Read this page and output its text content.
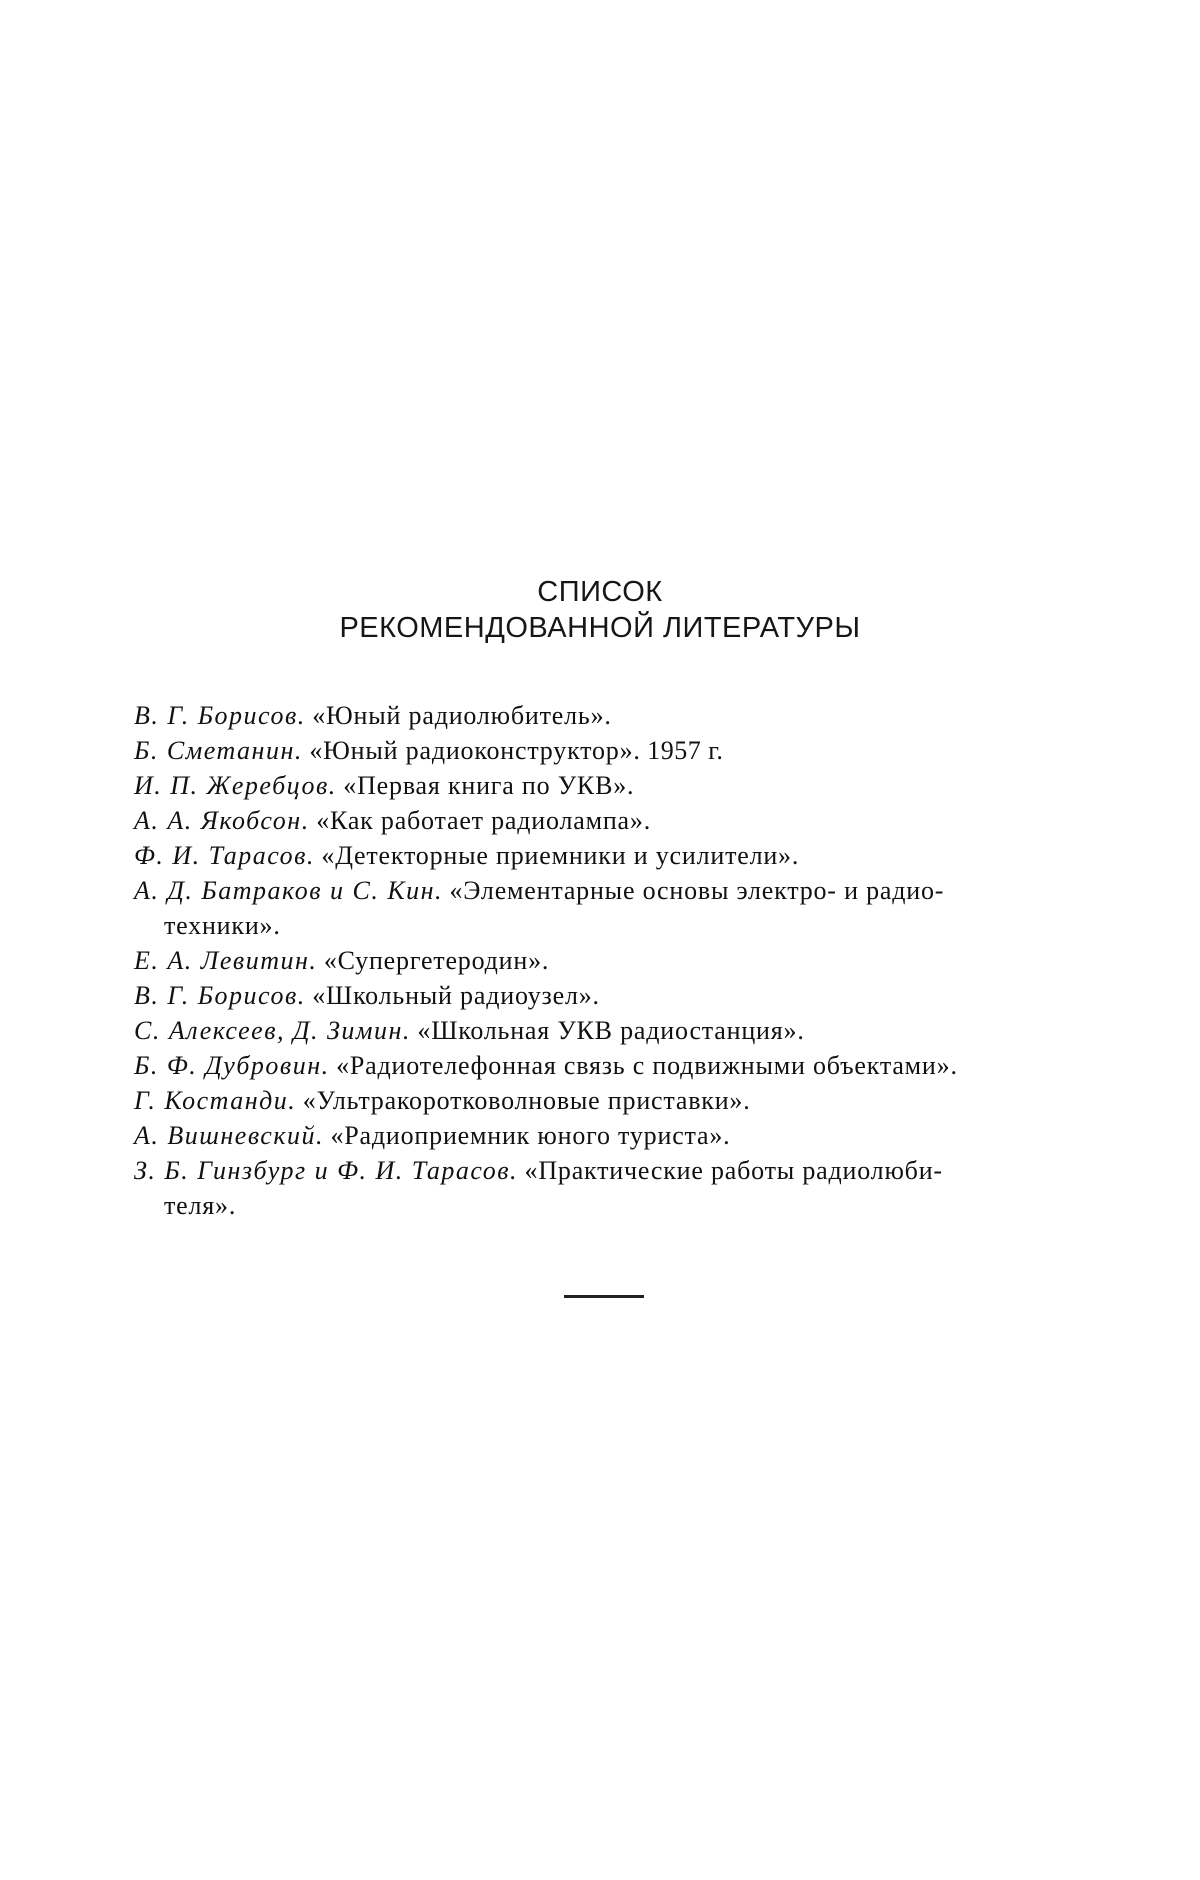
СПИСОК
РЕКОМЕНДОВАННОЙ ЛИТЕРАТУРЫ
В. Г. Борисов. «Юный радиолюбитель».
Б. Сметанин. «Юный радиоконструктор». 1957 г.
И. П. Жеребцов. «Первая книга по УКВ».
А. А. Якобсон. «Как работает радиолампа».
Ф. И. Тарасов. «Детекторные приемники и усилители».
А. Д. Батраков и С. Кин. «Элементарные основы электро- и радио-
техники».
Е. А. Левитин. «Супергетеродин».
В. Г. Борисов. «Школьный радиоузел».
С. Алексеев, Д. Зимин. «Школьная УКВ радиостанция».
Б. Ф. Дубровин. «Радиотелефонная связь с подвижными объектами».
Г. Костанди. «Ультракоротковолновые приставки».
А. Вишневский. «Радиоприемник юного туриста».
З. Б. Гинзбург и Ф. И. Тарасов. «Практические работы радиолюби-
теля».
